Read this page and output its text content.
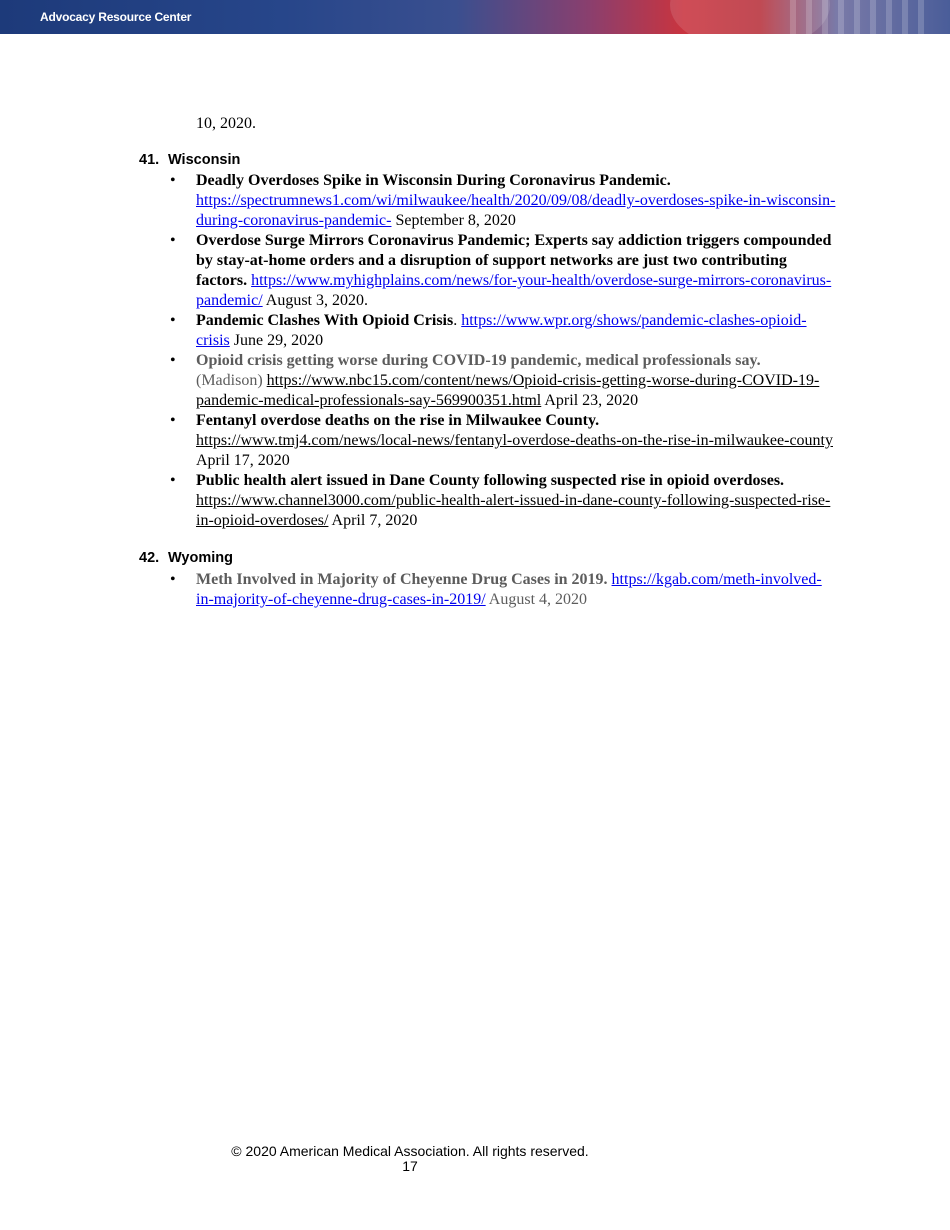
Advocacy Resource Center
10, 2020.
41. Wisconsin
• Deadly Overdoses Spike in Wisconsin During Coronavirus Pandemic.
https://spectrumnews1.com/wi/milwaukee/health/2020/09/08/deadly-overdoses-spike-in-wisconsin-during-coronavirus-pandemic- September 8, 2020
• Overdose Surge Mirrors Coronavirus Pandemic; Experts say addiction triggers compounded by stay-at-home orders and a disruption of support networks are just two contributing factors. https://www.myhighplains.com/news/for-your-health/overdose-surge-mirrors-coronavirus-pandemic/ August 3, 2020.
• Pandemic Clashes With Opioid Crisis. https://www.wpr.org/shows/pandemic-clashes-opioid-crisis June 29, 2020
• Opioid crisis getting worse during COVID-19 pandemic, medical professionals say.
(Madison) https://www.nbc15.com/content/news/Opioid-crisis-getting-worse-during-COVID-19-pandemic-medical-professionals-say-569900351.html April 23, 2020
• Fentanyl overdose deaths on the rise in Milwaukee County.
https://www.tmj4.com/news/local-news/fentanyl-overdose-deaths-on-the-rise-in-milwaukee-county April 17, 2020
• Public health alert issued in Dane County following suspected rise in opioid overdoses.
https://www.channel3000.com/public-health-alert-issued-in-dane-county-following-suspected-rise-in-opioid-overdoses/ April 7, 2020
42. Wyoming
• Meth Involved in Majority of Cheyenne Drug Cases in 2019. https://kgab.com/meth-involved-in-majority-of-cheyenne-drug-cases-in-2019/ August 4, 2020
© 2020 American Medical Association. All rights reserved.
17
